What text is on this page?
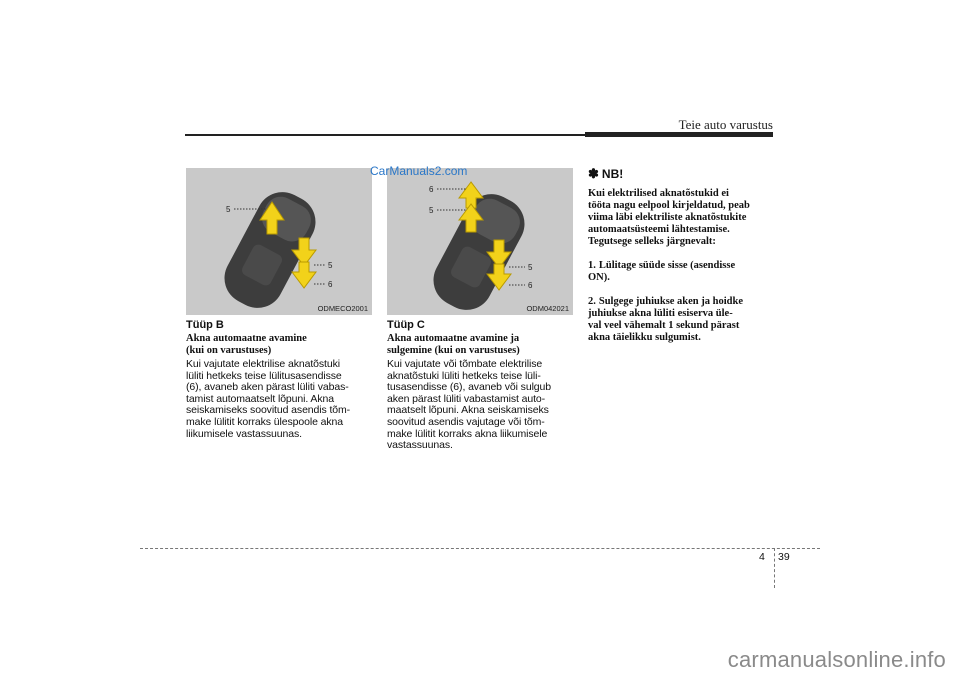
Teie auto varustus
5
5
6
ODMECO2001
6
5
5
6
ODM042021
CarManuals2.com
Tüüp B
Akna automaatne avamine
(kui on varustuses)

Kui vajutate elektrilise aknatõstuki
lüliti hetkeks teise lülitusasendisse
(6), avaneb aken pärast lüliti vabas-
tamist automaatselt lõpuni. Akna
seiskamiseks soovitud asendis tõm-
make lülitit korraks ülespoole akna
liikumisele vastassuunas.

Tüüp C
Akna automaatne avamine ja
sulgemine (kui on varustuses)

Kui vajutate või tõmbate elektrilise
aknatõstuki lüliti hetkeks teise lüli-
tusasendisse (6), avaneb või sulgub
aken pärast lüliti vabastamist auto-
maatselt lõpuni. Akna seiskamiseks
soovitud asendis vajutage või tõm-
make lülitit korraks akna liikumisele
vastassuunas.

✽ NB!

Kui elektrilised aknatõstukid ei
tööta nagu eelpool kirjeldatud, peab
viima läbi elektriliste aknatõstukite
automaatsüsteemi lähtestamise.
Tegutsege selleks järgnevalt:

1. Lülitage süüde sisse (asendisse
ON).

2. Sulgege juhiukse aken ja hoidke
juhiukse akna lüliti esiserva üle-
val veel vähemalt 1 sekund pärast
akna täielikku sulgumist.

4 39
carmanualsonline.info
